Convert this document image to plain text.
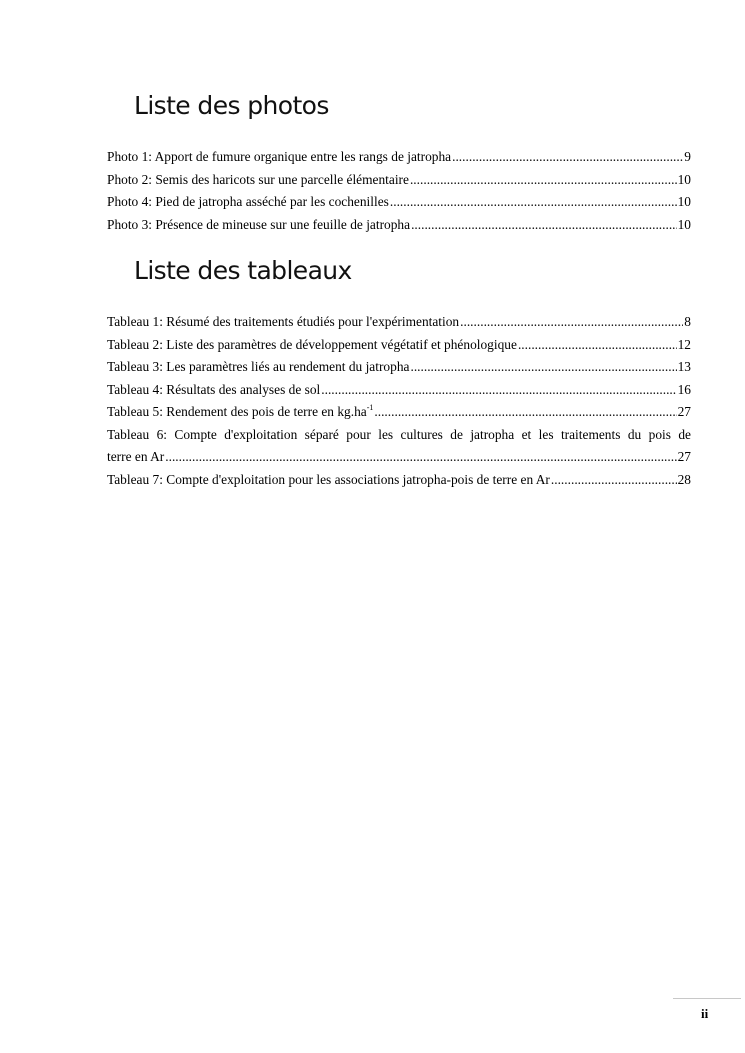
Liste des photos
Photo 1: Apport de fumure organique entre les rangs de jatropha .....	9
Photo 2: Semis des haricots sur une parcelle élémentaire .....	10
Photo 4: Pied de jatropha asséché par les cochenilles .....	10
Photo 3: Présence de mineuse sur une feuille de jatropha .....	10
Liste des tableaux
Tableau 1: Résumé des traitements étudiés pour l'expérimentation .....	8
Tableau 2: Liste des paramètres de développement végétatif et phénologique .....	12
Tableau 3: Les paramètres liés au rendement du jatropha .....	13
Tableau 4: Résultats des analyses de sol .....	16
Tableau 5: Rendement des pois de terre en $kg.ha^{-1}$ .....	27
Tableau 6: Compte d'exploitation séparé pour les cultures de jatropha et les traitements du pois de
terre en Ar .....	27
Tableau 7: Compte d'exploitation pour les associations jatropha-pois de terre en Ar .....	28
ii
